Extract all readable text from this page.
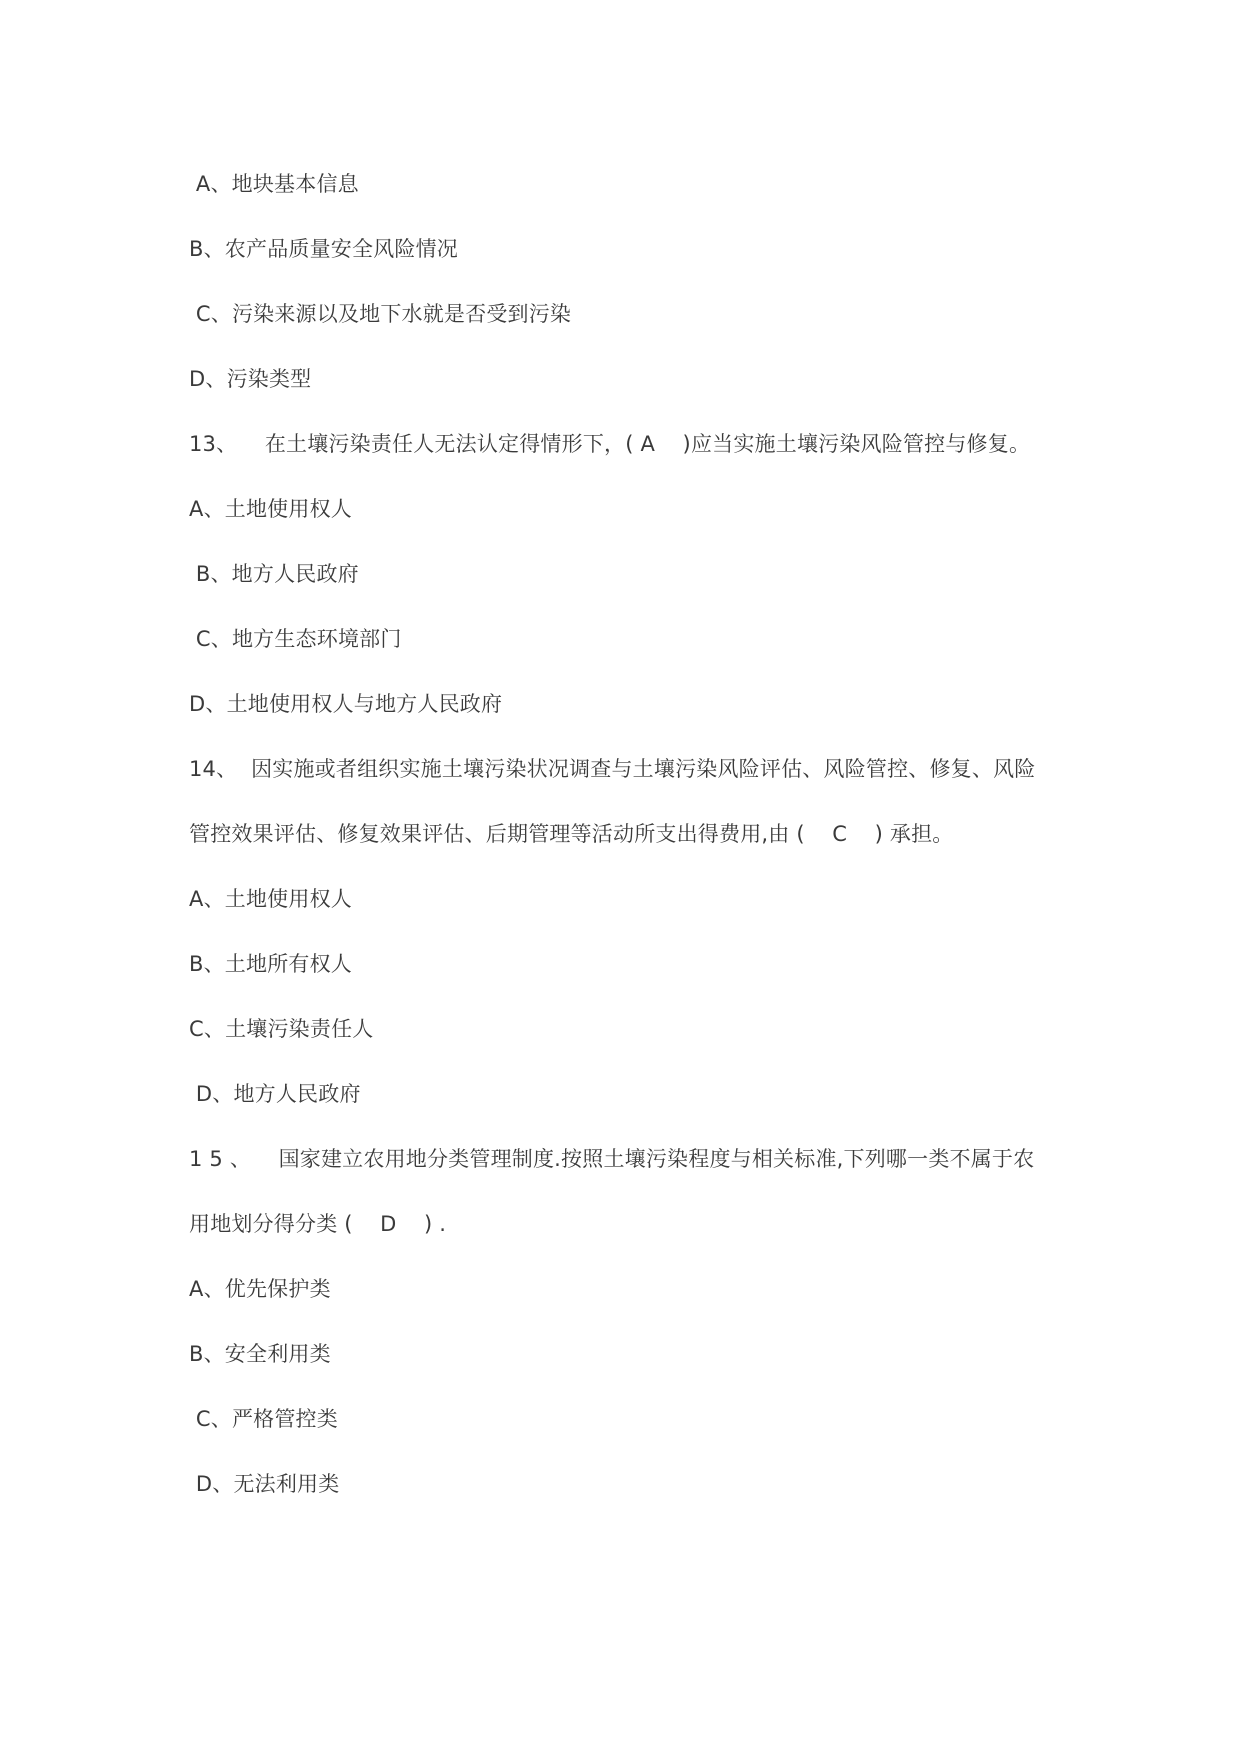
A、地块基本信息
B、农产品质量安全风险情况
C、污染来源以及地下水就是否受到污染
D、污染类型
13、    在土壤污染责任人无法认定得情形下，( A    )应当实施土壤污染风险管控与修复。
A、土地使用权人
B、地方人民政府
C、地方生态环境部门
D、土地使用权人与地方人民政府
14、  因实施或者组织实施土壤污染状况调查与土壤污染风险评估、风险管控、修复、风险
管控效果评估、修复效果评估、后期管理等活动所支出得费用,由 (    C    ) 承担。
A、土地使用权人
B、土地所有权人
C、土壤污染责任人
D、地方人民政府
1 5 、    国家建立农用地分类管理制度.按照土壤污染程度与相关标准,下列哪一类不属于农
用地划分得分类 (    D    ) .
A、优先保护类
B、安全利用类
C、严格管控类
D、无法利用类
